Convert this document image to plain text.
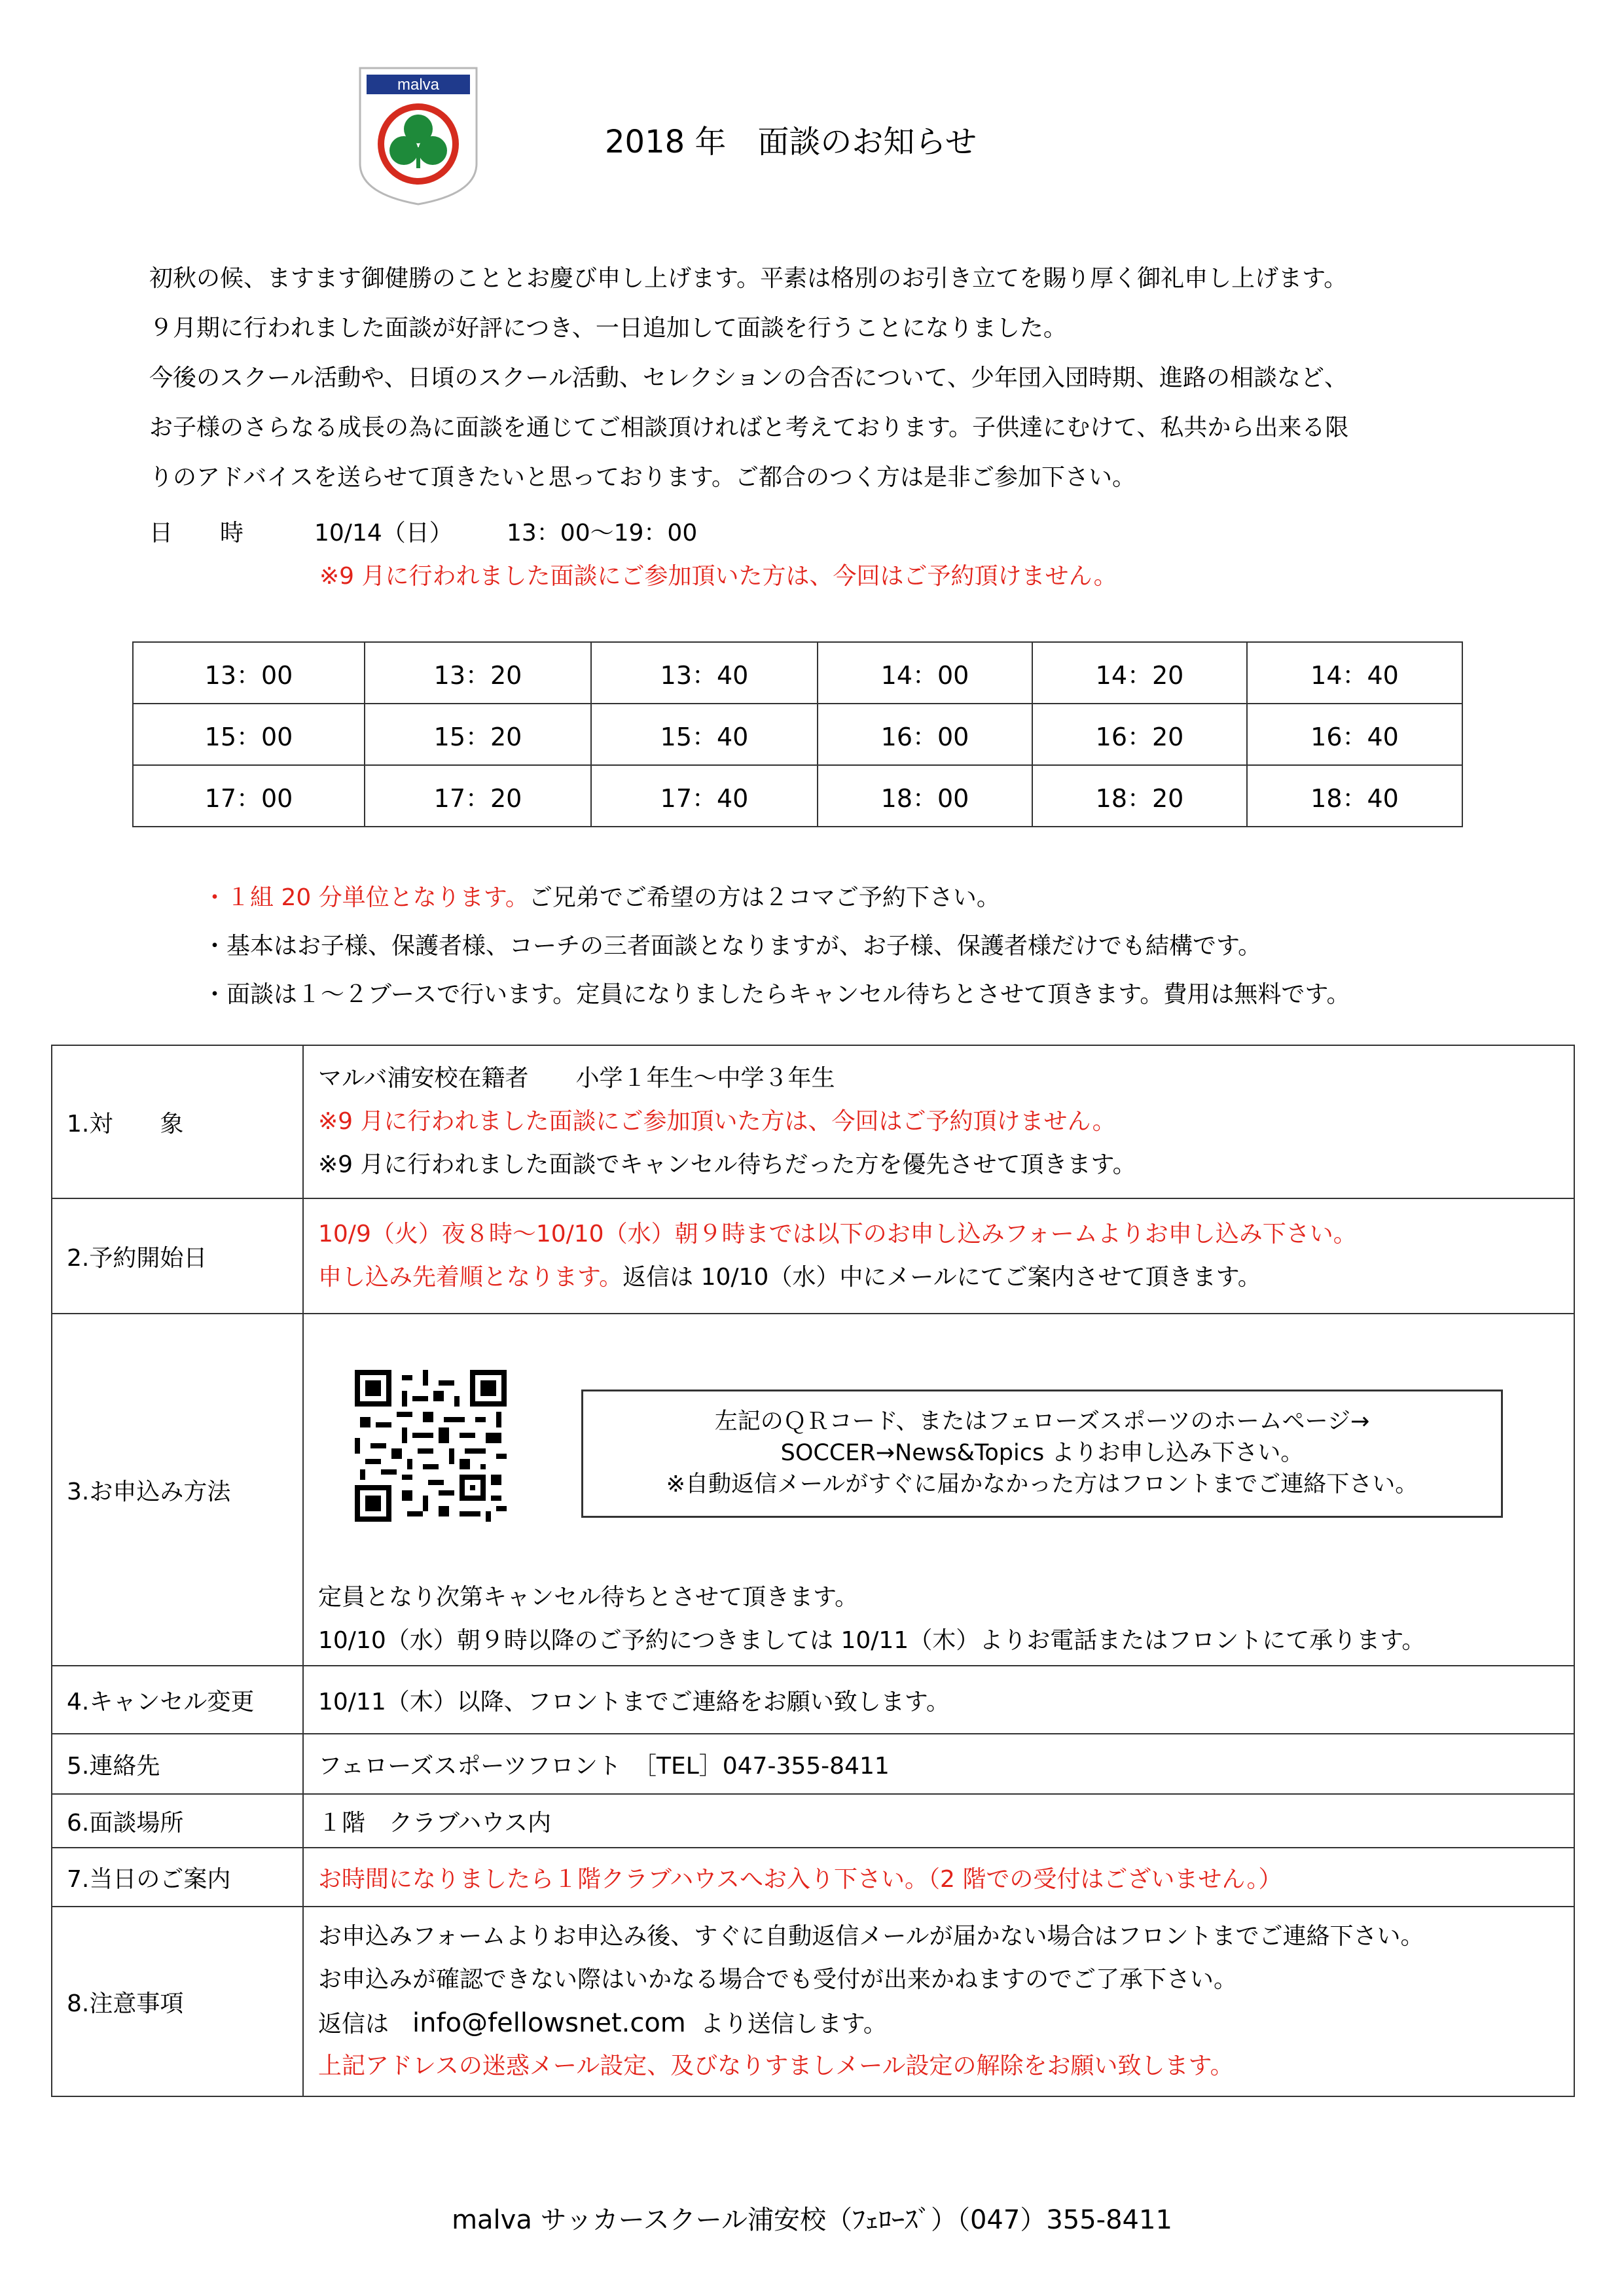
malva
2018 年　面談のお知らせ
初秋の候、ますます御健勝のこととお慶び申し上げます。平素は格別のお引き立てを賜り厚く御礼申し上げます。
９月期に行われました面談が好評につき、一日追加して面談を行うことになりました。
今後のスクール活動や、日頃のスクール活動、セレクションの合否について、少年団入団時期、進路の相談など、
お子様のさらなる成長の為に面談を通じてご相談頂ければと考えております。子供達にむけて、私共から出来る限
りのアドバイスを送らせて頂きたいと思っております。ご都合のつく方は是非ご参加下さい。
日　　時	10/14（日） 13：00〜19：00
※9 月に行われました面談にご参加頂いた方は、今回はご予約頂けません。
13：00	13：20	13：40	14：00	14：20	14：40
15：00	15：20	15：40	16：00	16：20	16：40
17：00	17：20	17：40	18：00	18：20	18：40
・１組 20 分単位となります。ご兄弟でご希望の方は２コマご予約下さい。
・基本はお子様、保護者様、コーチの三者面談となりますが、お子様、保護者様だけでも結構です。
・面談は１〜２ブースで行います。定員になりましたらキャンセル待ちとさせて頂きます。費用は無料です。
1.対　　象	マルバ浦安校在籍者　　小学１年生〜中学３年生
※9 月に行われました面談にご参加頂いた方は、今回はご予約頂けません。
※9 月に行われました面談でキャンセル待ちだった方を優先させて頂きます。

2.予約開始日	10/9（火）夜８時〜10/10（水）朝９時までは以下のお申し込みフォームよりお申し込み下さい。
申し込み先着順となります。返信は 10/10（水）中にメールにてご案内させて頂きます。

3.お申込み方法	左記のＱＲコード、またはフェローズスポーツのホームページ→
SOCCER→News&Topics よりお申し込み下さい。
※自動返信メールがすぐに届かなかった方はフロントまでご連絡下さい。
定員となり次第キャンセル待ちとさせて頂きます。
10/10（水）朝９時以降のご予約につきましては 10/11（木）よりお電話またはフロントにて承ります。

4.キャンセル変更	10/11（木）以降、フロントまでご連絡をお願い致します。
5.連絡先	フェローズスポーツフロント　［TEL］047-355-8411
6.面談場所	１階　クラブハウス内
7.当日のご案内	お時間になりましたら１階クラブハウスへお入り下さい。（2 階での受付はございません。）
8.注意事項	お申込みフォームよりお申込み後、すぐに自動返信メールが届かない場合はフロントまでご連絡下さい。
お申込みが確認できない際はいかなる場合でも受付が出来かねますのでご了承下さい。
返信は info@fellowsnet.com より送信します。
上記アドレスの迷惑メール設定、及びなりすましメール設定の解除をお願い致します。
malva サッカースクール浦安校（ﾌｪﾛｰｽﾞ）（047）355-8411
